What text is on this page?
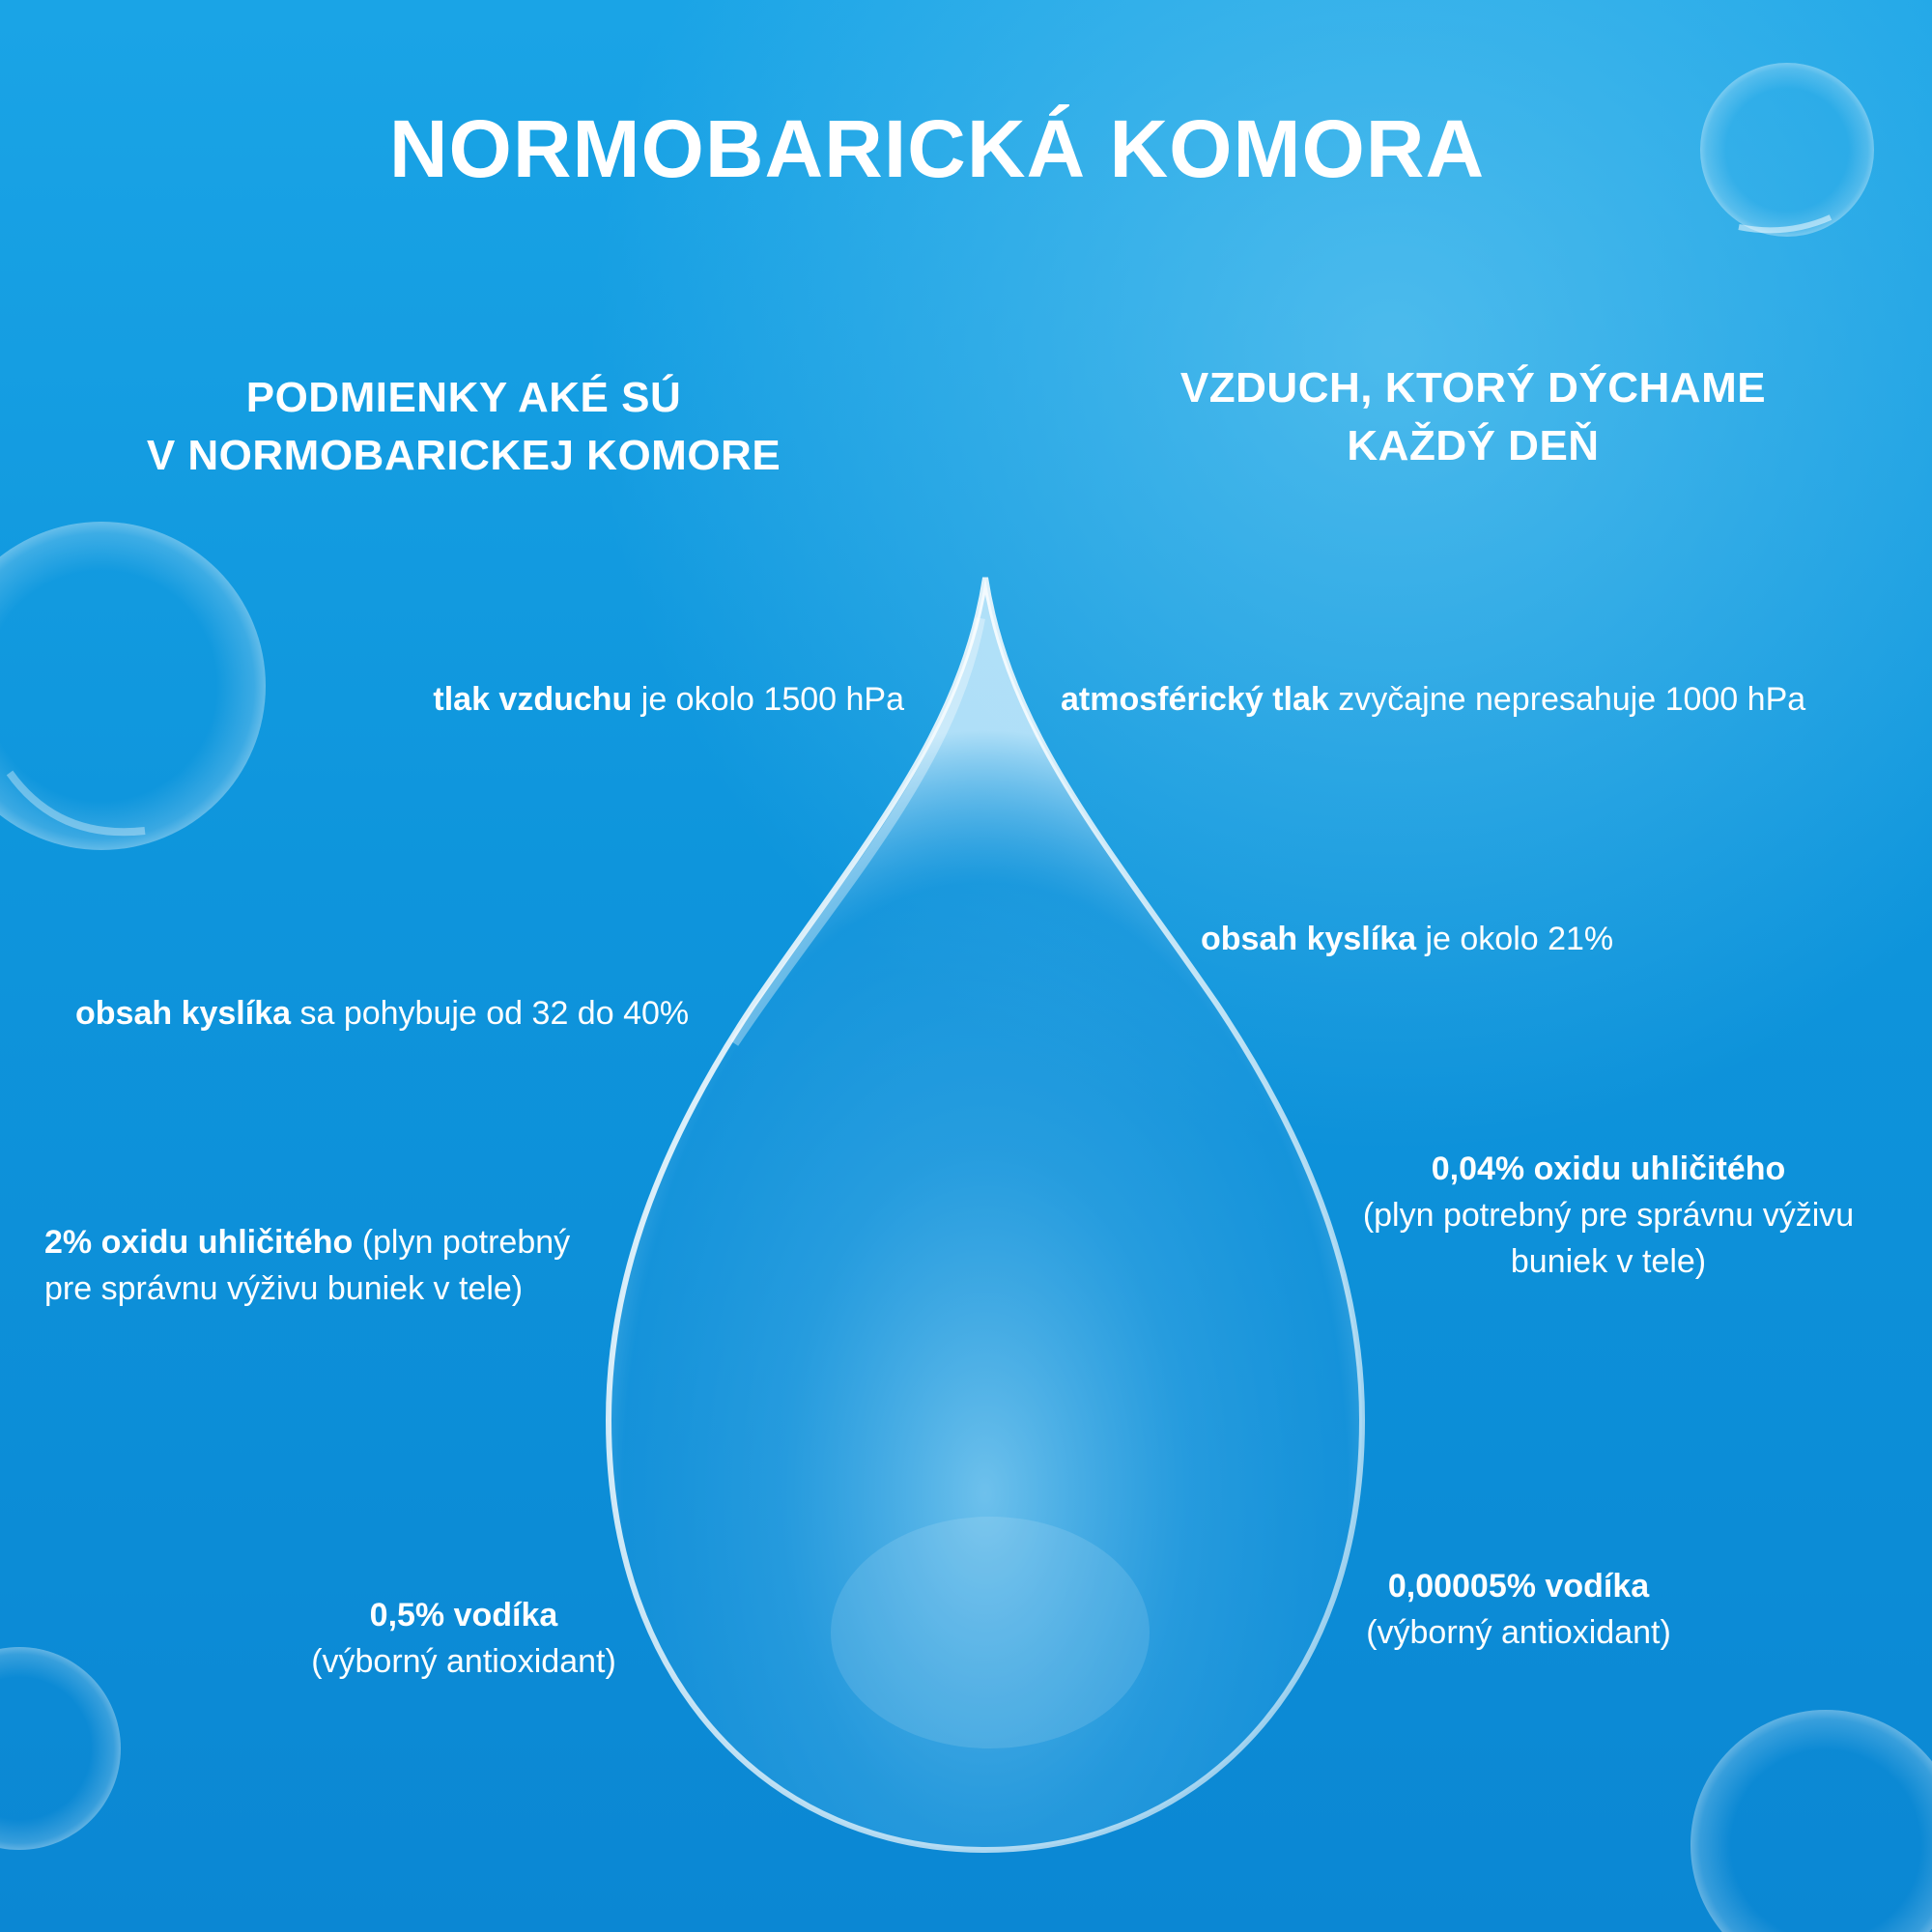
NORMOBARICKÁ KOMORA
PODMIENKY AKÉ SÚ
V NORMOBARICKEJ KOMORE
VZDUCH, KTORÝ DÝCHAME
KAŽDÝ DEŇ
tlak vzduchu je okolo 1500 hPa
obsah kyslíka sa pohybuje od 32 do 40%
2% oxidu uhličitého (plyn potrebný
pre správnu výživu buniek v tele)
0,5% vodíka
(výborný antioxidant)
atmosférický tlak zvyčajne nepresahuje 1000 hPa
obsah kyslíka je okolo 21%
0,04% oxidu uhličitého
(plyn potrebný pre správnu výživu
buniek v tele)
0,00005% vodíka
(výborný antioxidant)
